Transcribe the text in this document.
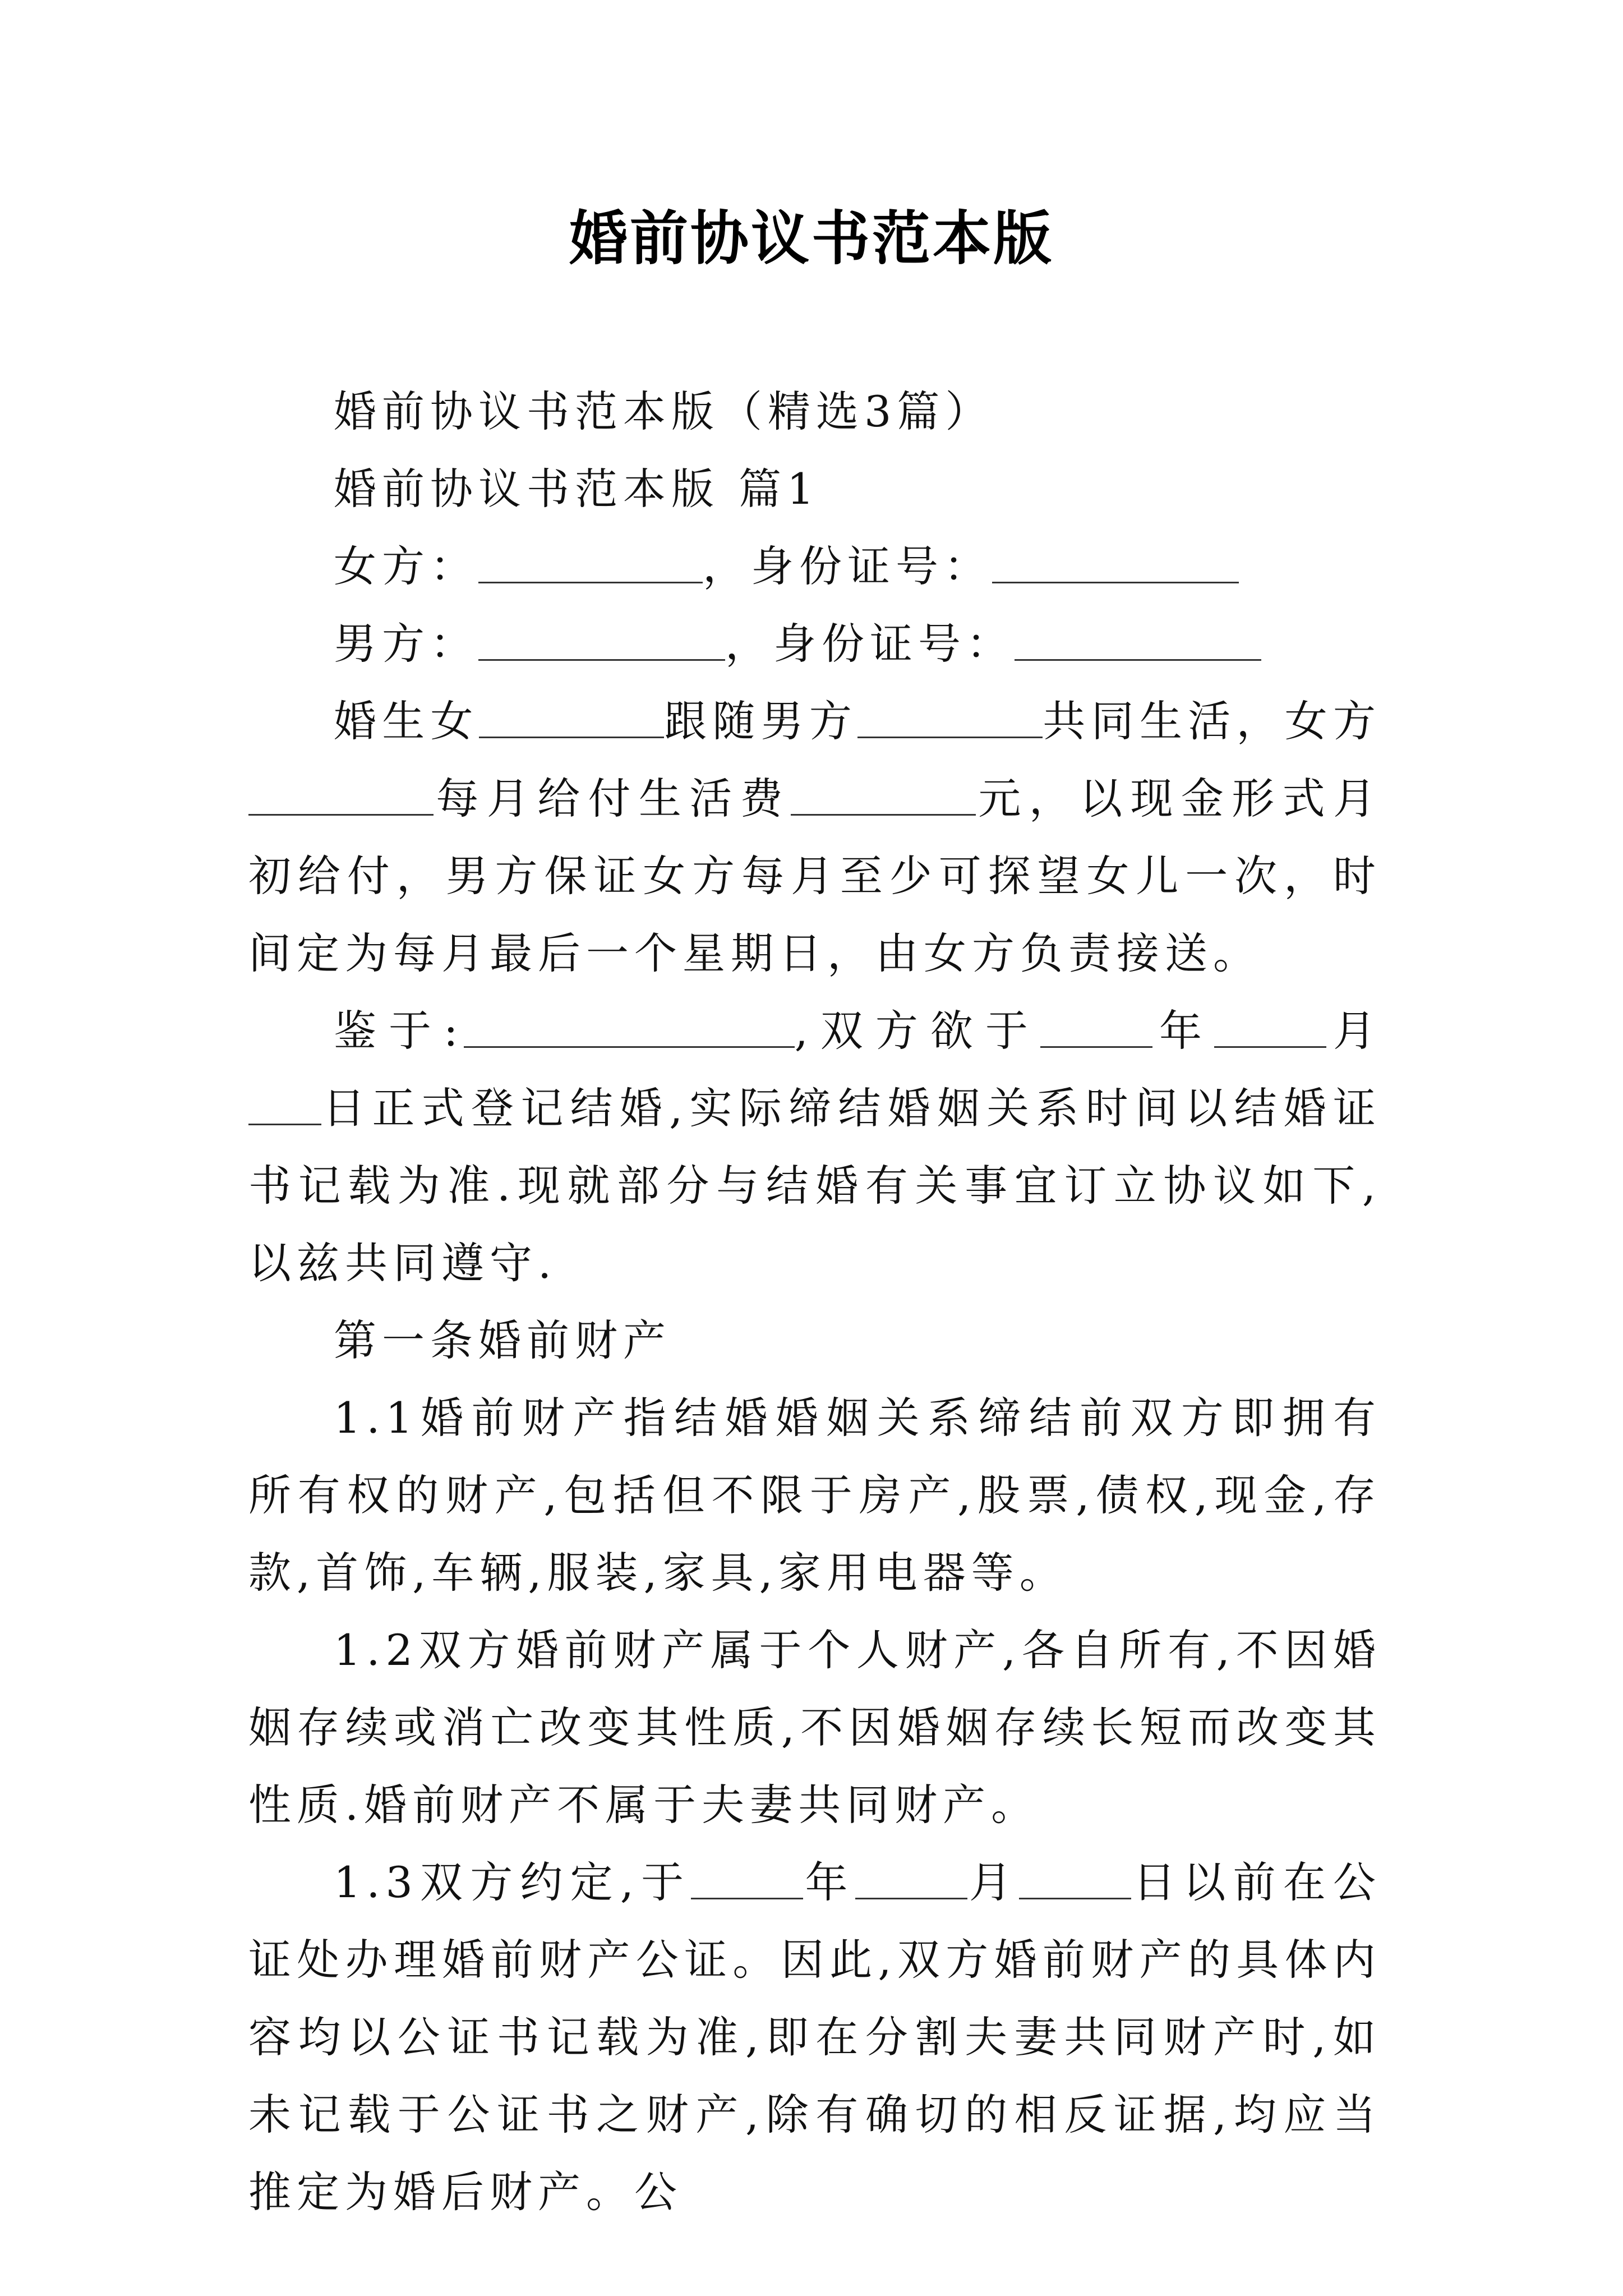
婚前协议书范本版

婚前协议书范本版（精选3篇）

婚前协议书范本版 篇1

女方：	，身份证号：

男方：	，身份证号：

婚生女	跟随男方	共同生活，女方每月给付生活费	元，以现金形式月初给付，男方保证女方每月至少可探望女儿一次，时间定为每月最后一个星期日，由女方负责接送。

鉴于:	,双方欲于	年	月日正式登记结婚,实际缔结婚姻关系时间以结婚证书记载为准.现就部分与结婚有关事宜订立协议如下,以兹共同遵守.

第一条婚前财产

1.1婚前财产指结婚婚姻关系缔结前双方即拥有所有权的财产,包括但不限于房产,股票,债权,现金,存款,首饰,车辆,服装,家具,家用电器等。

1.2双方婚前财产属于个人财产,各自所有,不因婚姻存续或消亡改变其性质,不因婚姻存续长短而改变其性质.婚前财产不属于夫妻共同财产。

1.3双方约定,于	年	月	日以前在公证处办理婚前财产公证。因此,双方婚前财产的具体内容均以公证书记载为准,即在分割夫妻共同财产时,如未记载于公证书之财产,除有确切的相反证据,均应当推定为婚后财产。公
